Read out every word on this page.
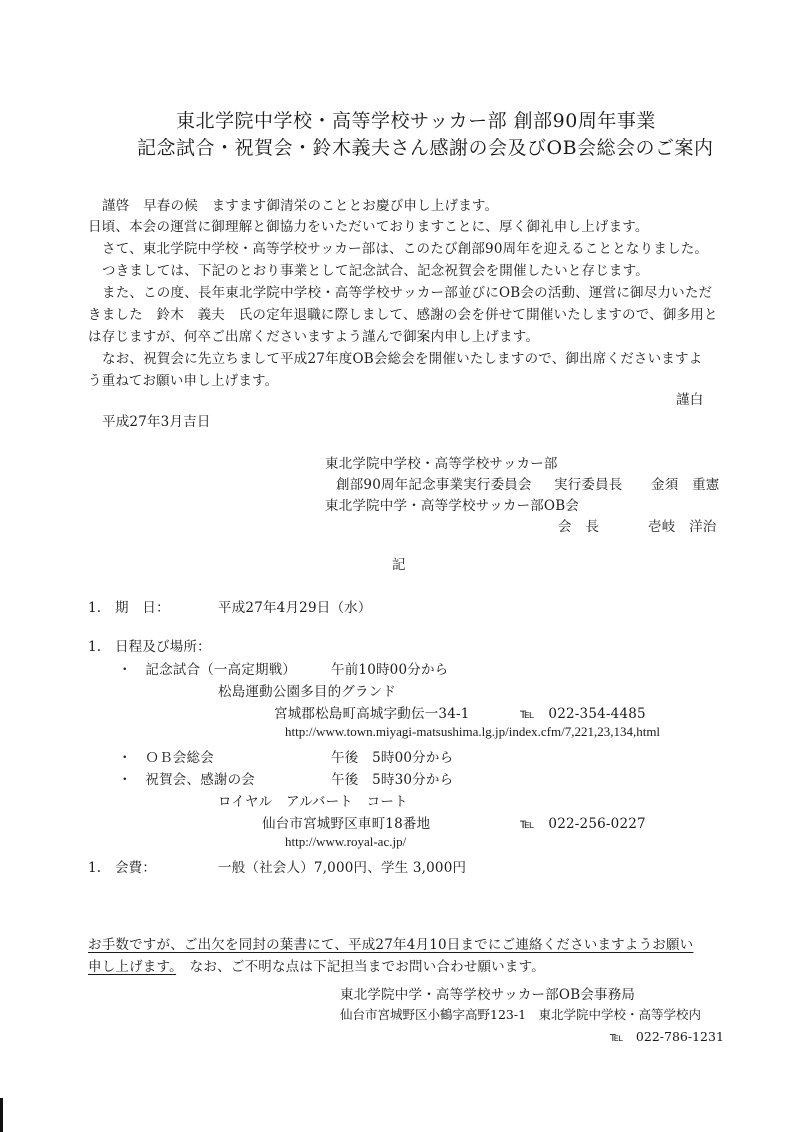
東北学院中学校・高等学校サッカー部 創部90周年事業
記念試合・祝賀会・鈴木義夫さん感謝の会及びOB会総会のご案内
謹啓　早春の候　ますます御清栄のこととお慶び申し上げます。
日頃、本会の運営に御理解と御協力をいただいておりますことに、厚く御礼申し上げます。
さて、東北学院中学校・高等学校サッカー部は、このたび創部90周年を迎えることとなりました。
つきましては、下記のとおり事業として記念試合、記念祝賀会を開催したいと存じます。
また、この度、長年東北学院中学校・高等学校サッカー部並びにOB会の活動、運営に御尽力いただ
きました　鈴木　義夫　氏の定年退職に際しまして、感謝の会を併せて開催いたしますので、御多用と
は存じますが、何卒ご出席くださいますよう謹んで御案内申し上げます。
なお、祝賀会に先立ちまして平成27年度OB会総会を開催いたしますので、御出席くださいますよ
う重ねてお願い申し上げます。
謹白
平成27年3月吉日
東北学院中学校・高等学校サッカー部
創部90周年記念事業実行委員会 実行委員長 金須　重憲
東北学院中学・高等学校サッカー部OB会
会　長	壱岐　洋治
記
1.　期　日：	平成27年4月29日（水）
1.　日程及び場所：
・　記念試合（一高定期戦）	午前10時00分から
松島運動公園多目的グランド
宮城郡松島町高城字動伝一34-1	℡　022-354-4485
http://www.town.miyagi-matsushima.lg.jp/index.cfm/7,221,23,134,html
・　ＯＢ会総会	午後　5時00分から
・　祝賀会、感謝の会	午後　5時30分から
ロイヤル　アルバート　コート
仙台市宮城野区車町18番地	℡　022-256-0227
http://www.royal-ac.jp/
1.　会費：	一般（社会人）7,000円、学生 3,000円
お手数ですが、ご出欠を同封の葉書にて、平成27年4月10日までにご連絡くださいますようお願い
申し上げます。　なお、ご不明な点は下記担当までお問い合わせ願います。
東北学院中学・高等学校サッカー部OB会事務局
仙台市宮城野区小鶴字高野123-1　東北学院中学校・高等学校内
℡　022-786-1231
